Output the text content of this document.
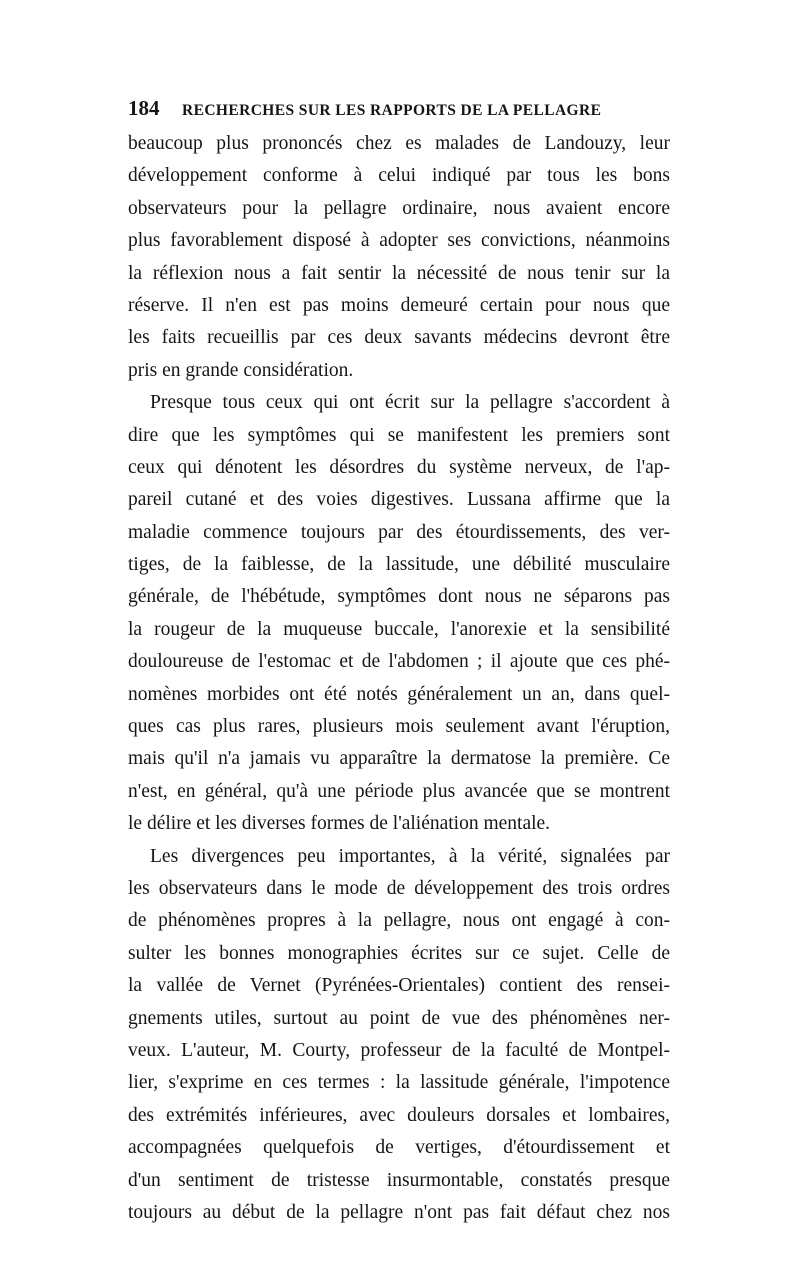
184	RECHERCHES SUR LES RAPPORTS DE LA PELLAGRE
beaucoup plus prononcés chez es malades de Landouzy, leur
développement conforme à celui indiqué par tous les bons
observateurs pour la pellagre ordinaire, nous avaient encore
plus favorablement disposé à adopter ses convictions, néanmoins
la réflexion nous a fait sentir la nécessité de nous tenir sur la
réserve. Il n'en est pas moins demeuré certain pour nous que
les faits recueillis par ces deux savants médecins devront être
pris en grande considération.
Presque tous ceux qui ont écrit sur la pellagre s'accordent à
dire que les symptômes qui se manifestent les premiers sont
ceux qui dénotent les désordres du système nerveux, de l'ap-
pareil cutané et des voies digestives. Lussana affirme que la
maladie commence toujours par des étourdissements, des ver-
tiges, de la faiblesse, de la lassitude, une débilité musculaire
générale, de l'hébétude, symptômes dont nous ne séparons pas
la rougeur de la muqueuse buccale, l'anorexie et la sensibilité
douloureuse de l'estomac et de l'abdomen ; il ajoute que ces phé-
nomènes morbides ont été notés généralement un an, dans quel-
ques cas plus rares, plusieurs mois seulement avant l'éruption,
mais qu'il n'a jamais vu apparaître la dermatose la première. Ce
n'est, en général, qu'à une période plus avancée que se montrent
le délire et les diverses formes de l'aliénation mentale.
Les divergences peu importantes, à la vérité, signalées par
les observateurs dans le mode de développement des trois ordres
de phénomènes propres à la pellagre, nous ont engagé à con-
sulter les bonnes monographies écrites sur ce sujet. Celle de
la vallée de Vernet (Pyrénées-Orientales) contient des rensei-
gnements utiles, surtout au point de vue des phénomènes ner-
veux. L'auteur, M. Courty, professeur de la faculté de Montpel-
lier, s'exprime en ces termes : la lassitude générale, l'impotence
des extrémités inférieures, avec douleurs dorsales et lombaires,
accompagnées quelquefois de vertiges, d'étourdissement et
d'un sentiment de tristesse insurmontable, constatés presque
toujours au début de la pellagre n'ont pas fait défaut chez nos
